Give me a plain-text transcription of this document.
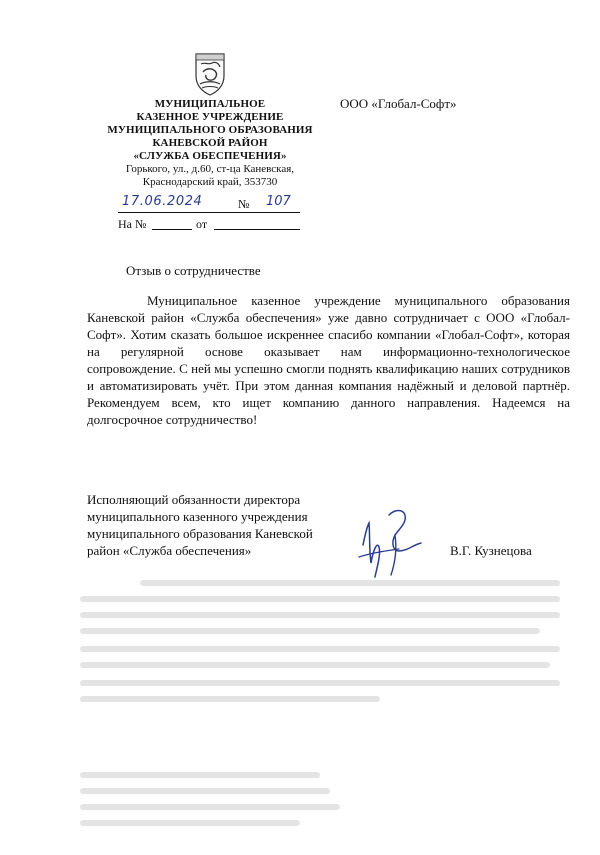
МУНИЦИПАЛЬНОЕ
КАЗЕННОЕ УЧРЕЖДЕНИЕ
МУНИЦИПАЛЬНОГО ОБРАЗОВАНИЯ
КАНЕВСКОЙ РАЙОН
«СЛУЖБА ОБЕСПЕЧЕНИЯ»
Горького, ул., д.60, ст-ца Каневская,
Краснодарский край, 353730
ООО «Глобал-Софт»
17.06.2024	№ 107
На №	от
Отзыв о сотрудничестве
Муниципальное казенное учреждение муниципального образования Каневской район «Служба обеспечения» уже давно сотрудничает с ООО «Глобал-Софт». Хотим сказать большое искреннее спасибо компании «Глобал-Софт», которая на регулярной основе оказывает нам информационно-технологическое сопровождение. С ней мы успешно смогли поднять квалификацию наших сотрудников и автоматизировать учёт. При этом данная компания надёжный и деловой партнёр. Рекомендуем всем, кто ищет компанию данного направления. Надеемся на долгосрочное сотрудничество!
Исполняющий обязанности директора
муниципального казенного учреждения
муниципального образования Каневской
район «Служба обеспечения»	В.Г. Кузнецова
